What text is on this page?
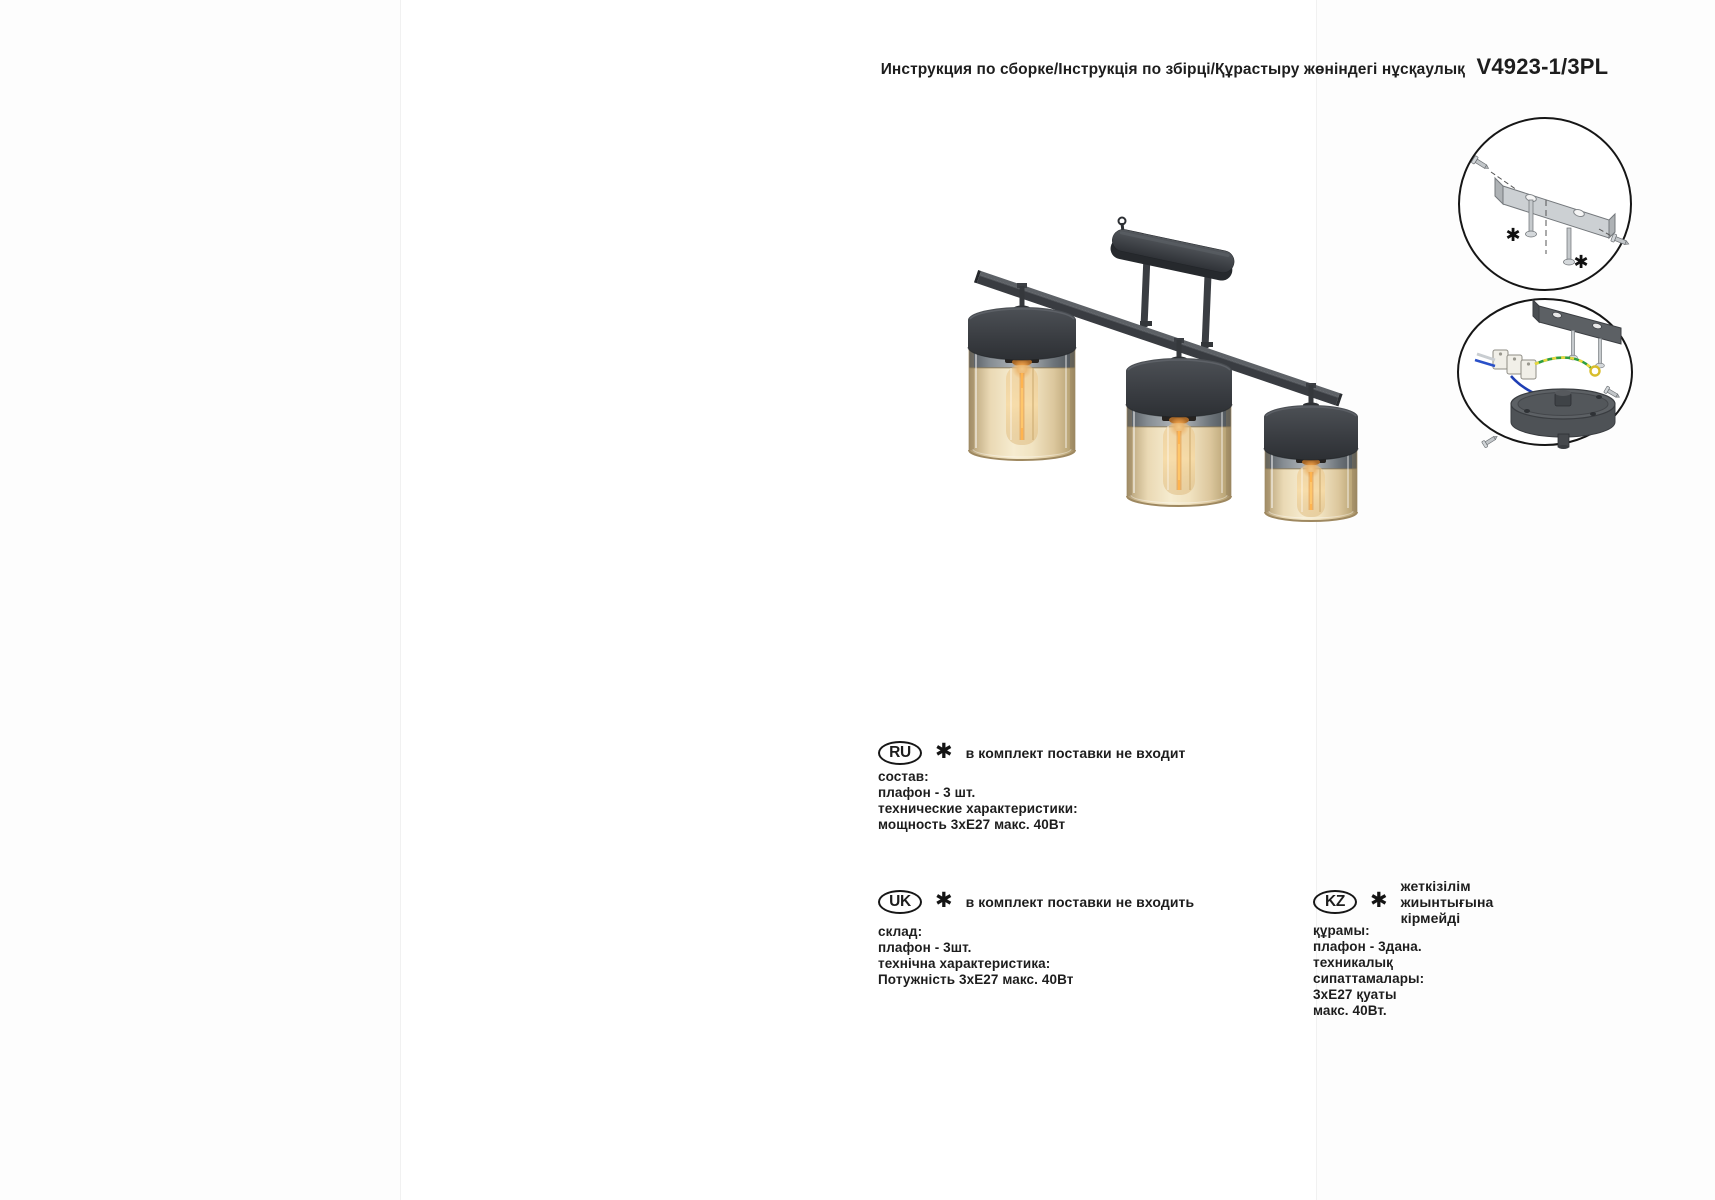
Инструкция по сборке/Інструкція по збірці/Құрастыру жөніндегі нұсқаулық V4923-1/3PL
✱
✱
RU	✱ в комплект поставки не входит
состав:
плафон - 3 шт.
технические характеристики:
мощность 3хЕ27 макс. 40Вт
UK	✱ в комплект поставки не входить
склад:
плафон - 3шт.
технічна характеристика:
Потужність 3хЕ27 макс. 40Вт
KZ	✱
жеткізілім жиынтығына кірмейді
құрамы:
плафон - 3дана.
техникалық сипаттамалары:
3хЕ27 қуаты макс. 40Вт.
